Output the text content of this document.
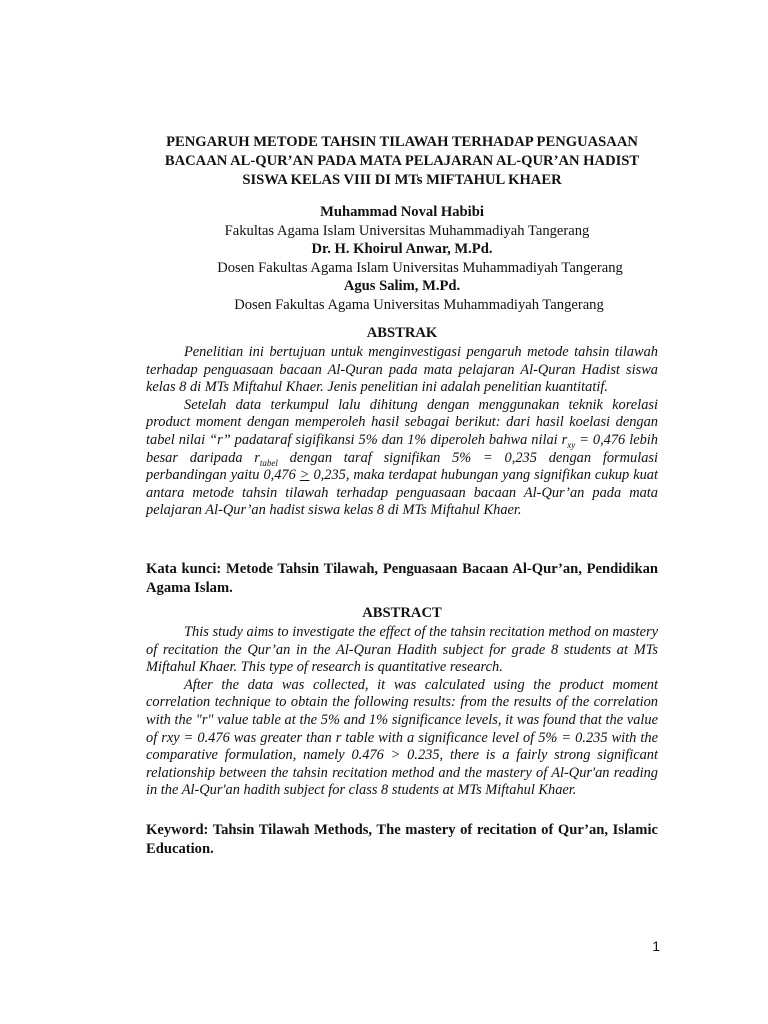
PENGARUH METODE TAHSIN TILAWAH TERHADAP PENGUASAAN
BACAAN AL-QUR’AN PADA MATA PELAJARAN AL-QUR’AN HADIST
SISWA KELAS VIII DI MTs MIFTAHUL KHAER
Muhammad Noval Habibi
Fakultas Agama Islam Universitas Muhammadiyah Tangerang
Dr. H. Khoirul Anwar, M.Pd.
Dosen Fakultas Agama Islam Universitas Muhammadiyah Tangerang
Agus Salim, M.Pd.
Dosen Fakultas Agama Universitas Muhammadiyah Tangerang
ABSTRAK

Penelitian ini bertujuan untuk menginvestigasi pengaruh metode tahsin tilawah terhadap penguasaan bacaan Al-Quran pada mata pelajaran Al-Quran Hadist siswa kelas 8 di MTs Miftahul Khaer. Jenis penelitian ini adalah penelitian kuantitatif.

Setelah data terkumpul lalu dihitung dengan menggunakan teknik korelasi product moment dengan memperoleh hasil sebagai berikut: dari hasil koelasi dengan tabel nilai “r” padataraf sigifikansi 5% dan 1% diperoleh bahwa nilai $r_{xy} = 0,476$ lebih besar daripada $r_{tabel}$ dengan taraf signifikan 5% = 0,235 dengan formulasi perbandingan yaitu 0,476 ≥ 0,235, maka terdapat hubungan yang signifikan cukup kuat antara metode tahsin tilawah terhadap penguasaan bacaan Al-Qur’an pada mata pelajaran Al-Qur’an hadist siswa kelas 8 di MTs Miftahul Khaer.

Kata kunci: Metode Tahsin Tilawah, Penguasaan Bacaan Al-Qur’an, Pendidikan Agama Islam.

ABSTRACT

This study aims to investigate the effect of the tahsin recitation method on mastery of recitation the Qur’an in the Al-Quran Hadith subject for grade 8 students at MTs Miftahul Khaer. This type of research is quantitative research.

After the data was collected, it was calculated using the product moment correlation technique to obtain the following results: from the results of the correlation with the "r" value table at the 5% and 1% significance levels, it was found that the value of rxy = 0.476 was greater than r table with a significance level of 5% = 0.235 with the comparative formulation, namely 0.476 > 0.235, there is a fairly strong significant relationship between the tahsin recitation method and the mastery of Al-Qur'an reading in the Al-Qur'an hadith subject for class 8 students at MTs Miftahul Khaer.

Keyword: Tahsin Tilawah Methods, The mastery of recitation of Qur’an, Islamic Education.

1
